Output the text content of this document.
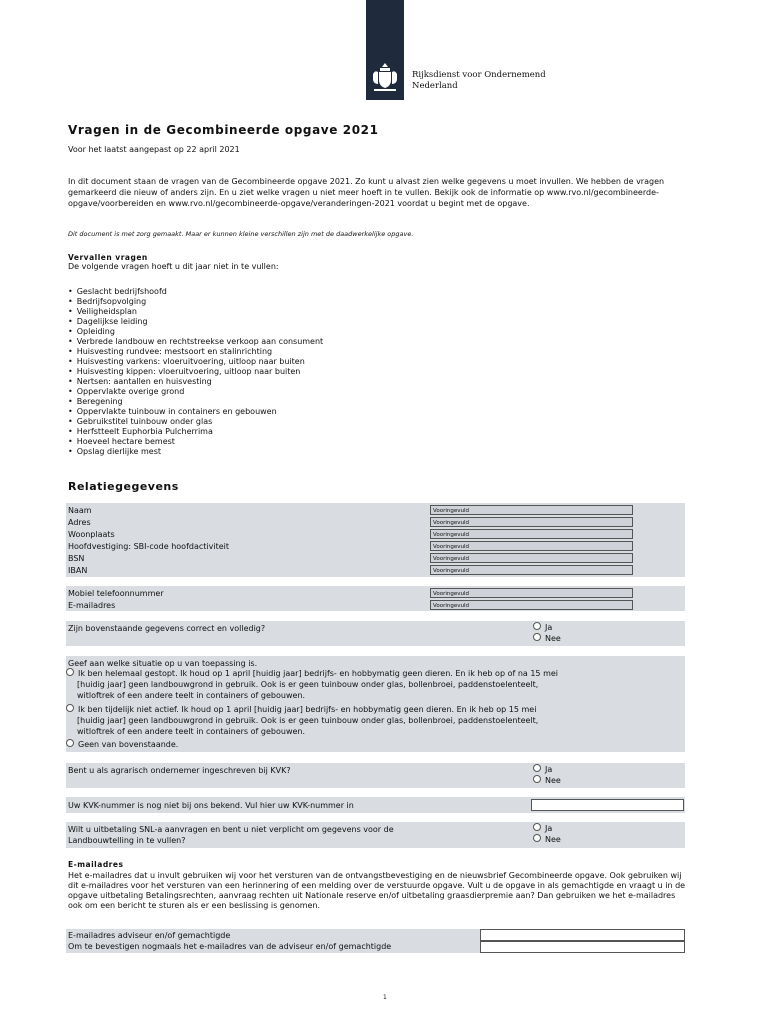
Rijksdienst voor Ondernemend
Nederland
Vragen in de Gecombineerde opgave 2021
Voor het laatst aangepast op 22 april 2021
In dit document staan de vragen van de Gecombineerde opgave 2021. Zo kunt u alvast zien welke gegevens u moet invullen. We hebben de vragen gemarkeerd die nieuw of anders zijn. En u ziet welke vragen u niet meer hoeft in te vullen. Bekijk ook de informatie op www.rvo.nl/gecombineerde-opgave/voorbereiden en www.rvo.nl/gecombineerde-opgave/veranderingen-2021 voordat u begint met de opgave.
Dit document is met zorg gemaakt. Maar er kunnen kleine verschillen zijn met de daadwerkelijke opgave.
Vervallen vragen
De volgende vragen hoeft u dit jaar niet in te vullen:
• Geslacht bedrijfshoofd
• Bedrijfsopvolging
• Veiligheidsplan
• Dagelijkse leiding
• Opleiding
• Verbrede landbouw en rechtstreekse verkoop aan consument
• Huisvesting rundvee: mestsoort en stalinrichting
• Huisvesting varkens: vloeruitvoering, uitloop naar buiten
• Huisvesting kippen: vloeruitvoering, uitloop naar buiten
• Nertsen: aantallen en huisvesting
• Oppervlakte overige grond
• Beregening
• Oppervlakte tuinbouw in containers en gebouwen
• Gebruikstitel tuinbouw onder glas
• Herfstteelt Euphorbia Pulcherrima
• Hoeveel hectare bemest
• Opslag dierlijke mest
Relatiegegevens
Naam	Vooringevuld
Adres	Vooringevuld
Woonplaats	Vooringevuld
Hoofdvestiging: SBI-code hoofdactiviteit	Vooringevuld
BSN	Vooringevuld
IBAN	Vooringevuld
Mobiel telefoonnummer	Vooringevuld
E-mailadres	Vooringevuld
Zijn bovenstaande gegevens correct en volledig?	Ja
Nee
Geef aan welke situatie op u van toepassing is.
Ik ben helemaal gestopt. Ik houd op 1 april [huidig jaar] bedrijfs- en hobbymatig geen dieren. En ik heb op of na 15 mei
[huidig jaar] geen landbouwgrond in gebruik. Ook is er geen tuinbouw onder glas, bollenbroei, paddenstoelenteelt,
witloftrek of een andere teelt in containers of gebouwen.
Ik ben tijdelijk niet actief. Ik houd op 1 april [huidig jaar] bedrijfs- en hobbymatig geen dieren. En ik heb op 15 mei
[huidig jaar] geen landbouwgrond in gebruik. Ook is er geen tuinbouw onder glas, bollenbroei, paddenstoelenteelt,
witloftrek of een andere teelt in containers of gebouwen.
Geen van bovenstaande.
Bent u als agrarisch ondernemer ingeschreven bij KVK?	Ja
Nee
Uw KVK-nummer is nog niet bij ons bekend. Vul hier uw KVK-nummer in
Wilt u uitbetaling SNL-a aanvragen en bent u niet verplicht om gegevens voor de
Landbouwtelling in te vullen?
Ja
Nee
E-mailadres
Het e-mailadres dat u invult gebruiken wij voor het versturen van de ontvangstbevestiging en de nieuwsbrief Gecombineerde opgave. Ook gebruiken wij dit e-mailadres voor het versturen van een herinnering of een melding over de verstuurde opgave. Vult u de opgave in als gemachtigde en vraagt u in de opgave uitbetaling Betalingsrechten, aanvraag rechten uit Nationale reserve en/of uitbetaling graasdierpremie aan? Dan gebruiken we het e-mailadres ook om een bericht te sturen als er een beslissing is genomen.
E-mailadres adviseur en/of gemachtigde
Om te bevestigen nogmaals het e-mailadres van de adviseur en/of gemachtigde
1
